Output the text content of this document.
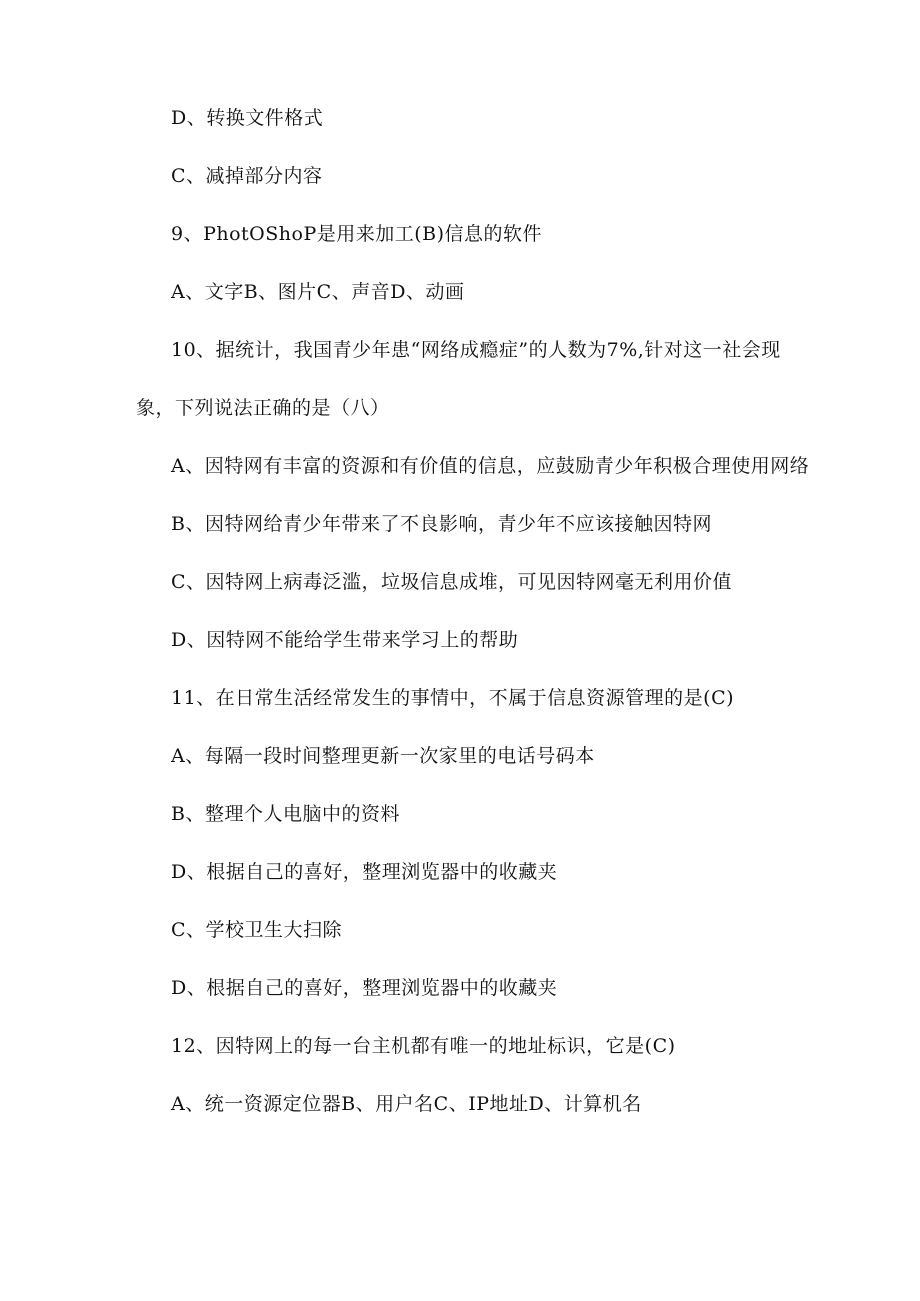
D、转换文件格式
C、减掉部分内容
9、PhotOShoP是用来加工(B)信息的软件
A、文字B、图片C、声音D、动画
10、据统计，我国青少年患“网络成瘾症”的人数为7%,针对这一社会现
象，下列说法正确的是（八）
A、因特网有丰富的资源和有价值的信息，应鼓励青少年积极合理使用网络
B、因特网给青少年带来了不良影响，青少年不应该接触因特网
C、因特网上病毒泛滥，垃圾信息成堆，可见因特网毫无利用价值
D、因特网不能给学生带来学习上的帮助
11、在日常生活经常发生的事情中，不属于信息资源管理的是(C)
A、每隔一段时间整理更新一次家里的电话号码本
B、整理个人电脑中的资料
D、根据自己的喜好，整理浏览器中的收藏夹
C、学校卫生大扫除
D、根据自己的喜好，整理浏览器中的收藏夹
12、因特网上的每一台主机都有唯一的地址标识，它是(C)
A、统一资源定位器B、用户名C、IP地址D、计算机名
